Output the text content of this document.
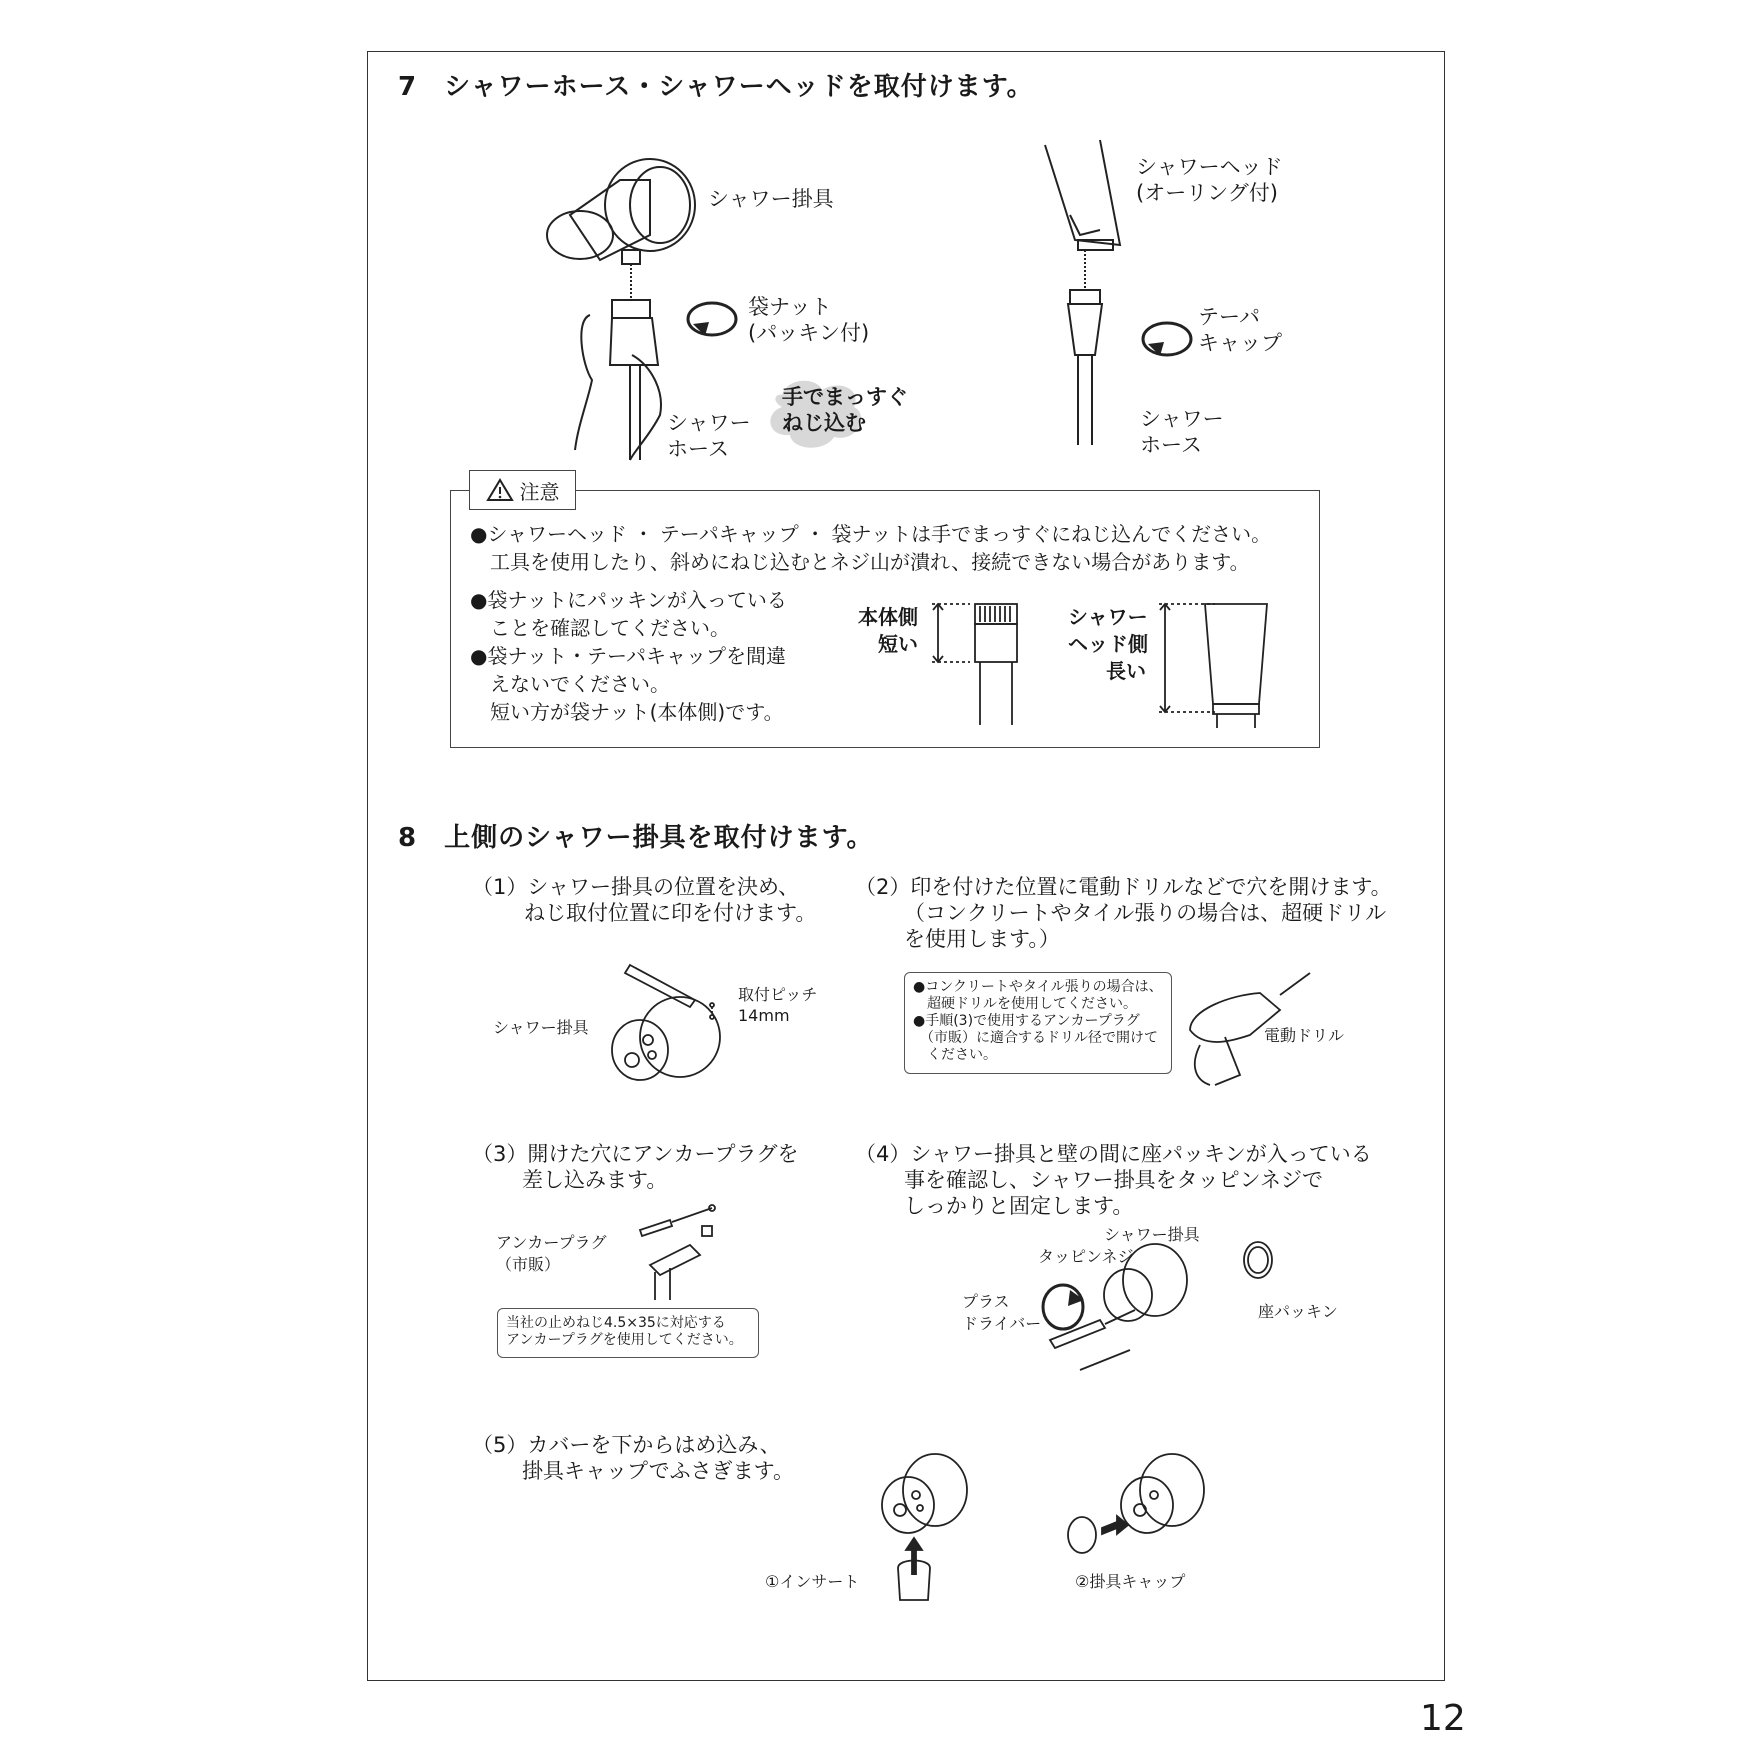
7　シャワーホース・シャワーヘッドを取付けます。
シャワー掛具
袋ナット
(パッキン付)
シャワー
ホース
手でまっすぐ
ねじ込む
シャワーヘッド
(オーリング付)
テーパ
キャップ
シャワー
ホース
注意
●シャワーヘッド ・ テーパキャップ ・ 袋ナットは手でまっすぐにねじ込んでください。
　工具を使用したり、斜めにねじ込むとネジ山が潰れ、接続できない場合があります。
●袋ナットにパッキンが入っている
　ことを確認してください。
●袋ナット・テーパキャップを間違
　えないでください。
　短い方が袋ナット(本体側)です。
本体側
短い
シャワー
ヘッド側
長い
8　上側のシャワー掛具を取付けます。
（1）シャワー掛具の位置を決め、
ねじ取付位置に印を付けます。
取付ピッチ
14mm
シャワー掛具
（2）印を付けた位置に電動ドリルなどで穴を開けます。
（コンクリートやタイル張りの場合は、超硬ドリル
を使用します。）
●コンクリートやタイル張りの場合は、
　超硬ドリルを使用してください。
●手順(3)で使用するアンカープラグ
　（市販）に適合するドリル径で開けて
　ください。
電動ドリル
（3）開けた穴にアンカープラグを
差し込みます。
アンカープラグ
（市販）
当社の止めねじ4.5×35に対応する
アンカープラグを使用してください。
（4）シャワー掛具と壁の間に座パッキンが入っている
事を確認し、シャワー掛具をタッピンネジで
しっかりと固定します。
シャワー掛具
タッピンネジ
プラス
ドライバー
座パッキン
（5）カバーを下からはめ込み、
掛具キャップでふさぎます。
①インサート	②掛具キャップ
12
